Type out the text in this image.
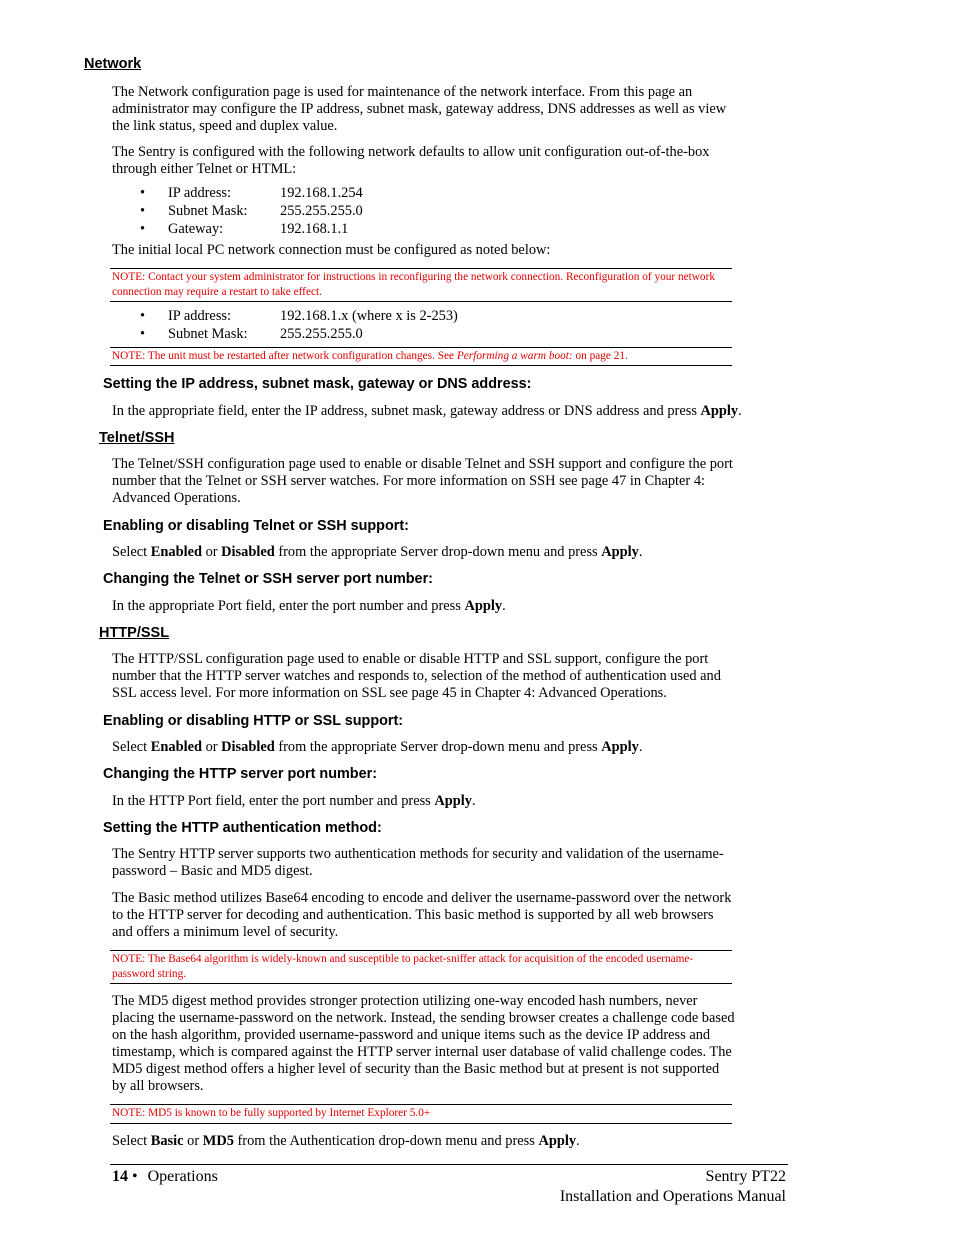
Network
The Network configuration page is used for maintenance of the network interface. From this page an administrator may configure the IP address, subnet mask, gateway address, DNS addresses as well as view the link status, speed and duplex value.
The Sentry is configured with the following network defaults to allow unit configuration out-of-the-box through either Telnet or HTML:
• IP address:	192.168.1.254
• Subnet Mask: 255.255.255.0
• Gateway:	192.168.1.1
The initial local PC network connection must be configured as noted below:
NOTE: Contact your system administrator for instructions in reconfiguring the network connection. Reconfiguration of your network connection may require a restart to take effect.
• IP address:	192.168.1.x (where x is 2-253)
• Subnet Mask: 255.255.255.0
NOTE: The unit must be restarted after network configuration changes. See Performing a warm boot: on page 21.
Setting the IP address, subnet mask, gateway or DNS address:
In the appropriate field, enter the IP address, subnet mask, gateway address or DNS address and press Apply.
Telnet/SSH
The Telnet/SSH configuration page used to enable or disable Telnet and SSH support and configure the port number that the Telnet or SSH server watches. For more information on SSH see page 47 in Chapter 4: Advanced Operations.
Enabling or disabling Telnet or SSH support:
Select Enabled or Disabled from the appropriate Server drop-down menu and press Apply.
Changing the Telnet or SSH server port number:
In the appropriate Port field, enter the port number and press Apply.
HTTP/SSL
The HTTP/SSL configuration page used to enable or disable HTTP and SSL support, configure the port number that the HTTP server watches and responds to, selection of the method of authentication used and SSL access level. For more information on SSL see page 45 in Chapter 4: Advanced Operations.
Enabling or disabling HTTP or SSL support:
Select Enabled or Disabled from the appropriate Server drop-down menu and press Apply.
Changing the HTTP server port number:
In the HTTP Port field, enter the port number and press Apply.
Setting the HTTP authentication method:
The Sentry HTTP server supports two authentication methods for security and validation of the username-password – Basic and MD5 digest.
The Basic method utilizes Base64 encoding to encode and deliver the username-password over the network to the HTTP server for decoding and authentication. This basic method is supported by all web browsers and offers a minimum level of security.
NOTE: The Base64 algorithm is widely-known and susceptible to packet-sniffer attack for acquisition of the encoded username-password string.
The MD5 digest method provides stronger protection utilizing one-way encoded hash numbers, never placing the username-password on the network. Instead, the sending browser creates a challenge code based on the hash algorithm, provided username-password and unique items such as the device IP address and timestamp, which is compared against the HTTP server internal user database of valid challenge codes. The MD5 digest method offers a higher level of security than the Basic method but at present is not supported by all browsers.
NOTE: MD5 is known to be fully supported by Internet Explorer 5.0+
Select Basic or MD5 from the Authentication drop-down menu and press Apply.
14 • Operations	Sentry PT22
Installation and Operations Manual
